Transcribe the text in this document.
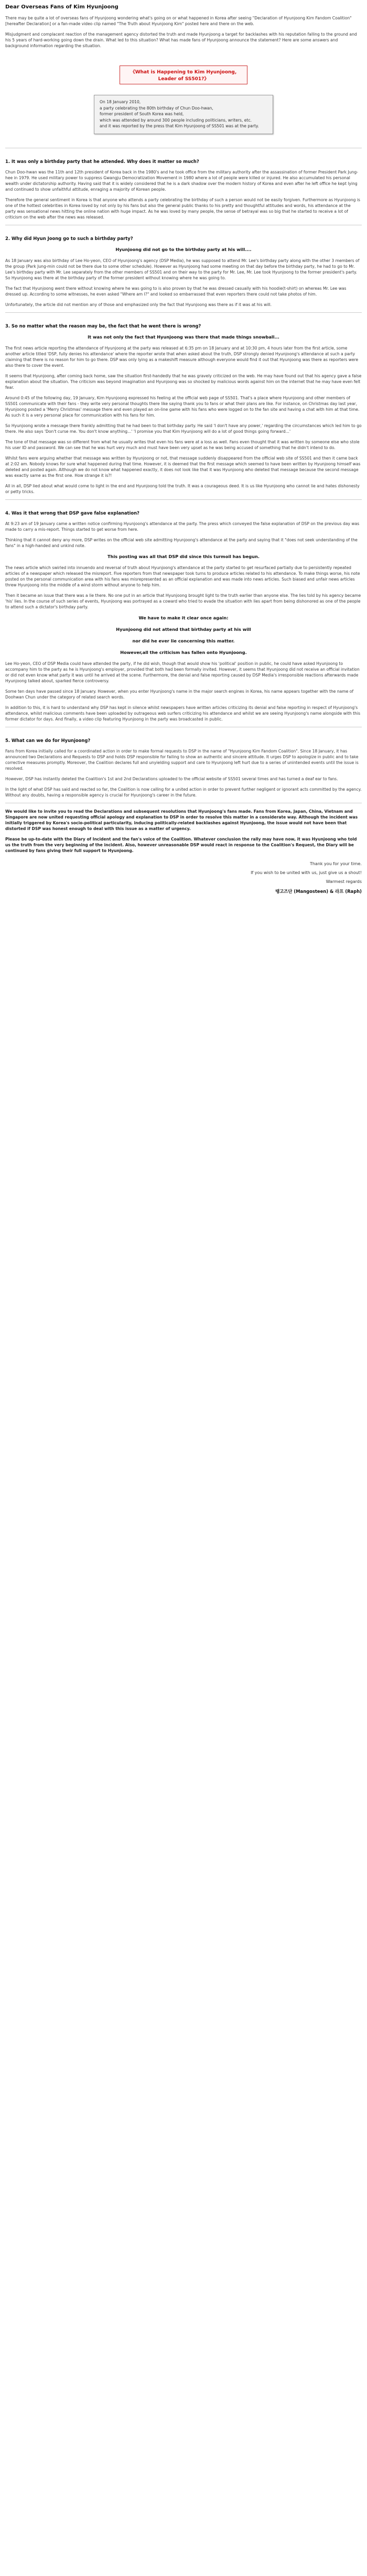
Dear Overseas Fans of Kim Hyunjoong
There may be quite a lot of overseas fans of Hyunjoong wondering what's going on or what happened in Korea after seeing "Declaration of Hyunjoong Kim Fandom Coalition" [hereafter Declaration] or a fan-made video clip named "The Truth about Hyunjoong Kim" posted here and there on the web.
Misjudgment and complacent reaction of the management agency distorted the truth and made Hyunjoong a target for backlashes with his reputation falling to the ground and his 5 years of hard-working going down the drain. What led to this situation? What has made fans of Hyunjoong announce the statement? Here are some answers and background information regarding the situation.
《What is Happening to Kim Hyunjoong, Leader of SS501?》
On 18 January 2010,
a party celebrating the 80th birthday of Chun Doo-hwan,
former president of South Korea was held,
which was attended by around 300 people including politicians, writers, etc.
and it was reported by the press that Kim Hyunjoong of SS501 was at the party.
1. It was only a birthday party that he attended. Why does it matter so much?
Chun Doo-hwan was the 11th and 12th president of Korea back in the 1980's and he took office from the military authority after the assassination of former President Park Jung-hee in 1979. He used military power to suppress Gwangju Democratization Movement in 1980 where a lot of people were killed or injured. He also accumulated his personal wealth under dictatorship authority. Having said that it is widely considered that he is a dark shadow over the modern history of Korea and even after he left office he kept lying and continued to show unfaithful attitude, enraging a majority of Korean people.
Therefore the general sentiment in Korea is that anyone who attends a party celebrating the birthday of such a person would not be easily forgiven. Furthermore as Hyunjoong is one of the hottest celebrities in Korea loved by not only by his fans but also the general public thanks to his pretty and thoughtful attitudes and words, his attendance at the party was sensational news hitting the online nation with huge impact. As he was loved by many people, the sense of betrayal was so big that he started to receive a lot of criticism on the web after the news was released.
2. Why did Hyun Joong go to such a birthday party?
Hyunjoong did not go to the birthday party at his will....
As 18 January was also birthday of Lee Ho-yeon, CEO of Hyunjoong's agency (DSP Media), he was supposed to attend Mr. Lee's birthday party along with the other 3 members of the group (Park Jung-min could not be there due to some other schedule). However as Hyunjoong had some meeting on that day before the birthday party, he had to go to Mr. Lee's birthday party with Mr. Lee separately from the other members of SS501 and on their way to the party for Mr. Lee, Mr. Lee took Hyunjoong to the former president's party. So Hyunjoong was there at the birthday party of the former president without knowing where he was going to.
The fact that Hyunjoong went there without knowing where he was going to is also proven by that he was dressed casually with his hoodie(t-shirt) on whereas Mr. Lee was dressed up. According to some witnesses, he even asked "Where am I?" and looked so embarrassed that even reporters there could not take photos of him.
Unfortunately, the article did not mention any of those and emphasized only the fact that Hyunjoong was there as if it was at his will.
3. So no matter what the reason may be, the fact that he went there is wrong?
It was not only the fact that Hyunjoong was there that made things snowball...
The first news article reporting the attendance of Hyunjoong at the party was released at 6:35 pm on 18 January and at 10:30 pm, 4 hours later from the first article, some another article titled 'DSP, fully denies his attendance' where the reporter wrote that when asked about the truth, DSP strongly denied Hyunjoong's attendance at such a party claiming that there is no reason for him to go there. DSP was only lying as a makeshift measure although everyone would find it out that Hyunjoong was there as reporters were also there to cover the event.
It seems that Hyunjoong, after coming back home, saw the situation first-handedly that he was gravely criticized on the web. He may have found out that his agency gave a false explanation about the situation. The criticism was beyond imagination and Hyunjoong was so shocked by malicious words against him on the internet that he may have even felt fear.
Around 0:45 of the following day, 19 January, Kim Hyunjoong expressed his feeling at the official web page of SS501. That's a place where Hyunjoong and other members of SS501 communicate with their fans - they write very personal thoughts there like saying thank you to fans or what their plans are like. For instance, on Christmas day last year, Hyunjoong posted a 'Merry Christmas' message there and even played an on-line game with his fans who were logged on to the fan site and having a chat with him at that time. As such it is a very personal place for communication with his fans for him.
So Hyunjoong wrote a message there frankly admitting that he had been to that birthday party. He said 'I don't have any power,' regarding the circumstances which led him to go there. He also says 'Don't curse me. You don't know anything...' 'I promise you that Kim Hyunjoong will do a lot of good things going forward...'
The tone of that message was so different from what he usually writes that even his fans were at a loss as well. Fans even thought that it was written by someone else who stole his user ID and password. We can see that he was hurt very much and must have been very upset as he was being accused of something that he didn't intend to do.
Whilst fans were arguing whether that message was written by Hyunjoong or not, that message suddenly disappeared from the official web site of SS501 and then it came back at 2:02 am. Nobody knows for sure what happened during that time. However, it is deemed that the first message which seemed to have been written by Hyunjoong himself was deleted and posted again. Although we do not know what happened exactly, it does not look like that it was Hyunjoong who deleted that message because the second message was exactly same as the first one. How strange it is?!
All in all, DSP lied about what would come to light in the end and Hyunjoong told the truth. It was a courageous deed. It is us like Hyunjoong who cannot lie and hates dishonesty or petty tricks.
4. Was it that wrong that DSP gave false explanation?
At 9:23 am of 19 January came a written notice confirming Hyunjoong's attendance at the party. The press which conveyed the false explanation of DSP on the previous day was made to carry a mis-report. Things started to get worse from here.
Thinking that it cannot deny any more, DSP writes on the official web site admitting Hyunjoong's attendance at the party and saying that it "does not seek understanding of the fans" in a high-handed and unkind note.
This posting was all that DSP did since this turmoil has begun.
The news article which swirled into innuendo and reversal of truth about Hyunjoong's attendance at the party started to get resurfaced partially due to persistently repeated articles of a newspaper which released the misreport. Five reporters from that newspaper took turns to produce articles related to his attendance. To make things worse, his note posted on the personal communication area with his fans was misrepresented as an official explanation and was made into news articles. Such biased and unfair news articles threw Hyunjoong into the middle of a wind storm without anyone to help him.
Then it became an issue that there was a lie there. No one put in an article that Hyunjoong brought light to the truth earlier than anyone else. The lies told by his agency became 'his' lies. In the course of such series of events, Hyunjoong was portrayed as a coward who tried to evade the situation with lies apart from being dishonored as one of the people to attend such a dictator's birthday party.
We have to make it clear once again:
Hyunjoong did not attend that birthday party at his will
nor did he ever lie concerning this matter.
However,all the criticism has fallen onto Hyunjoong.
Lee Ho-yeon, CEO of DSP Media could have attended the party, if he did wish, though that would show his 'political' position in public, he could have asked Hyunjoong to accompany him to the party as he is Hyunjoong's employer, provided that both had been formally invited. However, it seems that Hyunjoong did not receive an official invitation or did not even know what party it was until he arrived at the scene. Furthermore, the denial and false reporting caused by DSP Media's irresponsible reactions afterwards made Hyunjoong talked about, sparked fierce controversy.
Some ten days have passed since 18 January. However, when you enter Hyunjoong's name in the major search engines in Korea, his name appears together with the name of Doohwan Chun under the category of related search words.
In addition to this, it is hard to understand why DSP has kept in silence whilst newspapers have written articles criticizing its denial and false reporting in respect of Hyunjoong's attendance, whilst malicious comments have been uploaded by outrageous web surfers criticizing his attendance and whilst we are seeing Hyunjoong's name alongside with this former dictator for days. And finally, a video clip featuring Hyunjoong in the party was broadcasted in public.
5. What can we do for Hyunjoong?
Fans from Korea initially called for a coordinated action in order to make formal requests to DSP in the name of "Hyunjoong Kim Fandom Coalition". Since 18 January, it has announced two Declarations and Requests to DSP and holds DSP responsible for failing to show an authentic and sincere attitude. It urges DSP to apologize in public and to take corrective measures promptly. Moreover, the Coalition declares full and unyielding support and care to Hyunjoong left hurt due to a series of unintended events until the issue is resolved.
However, DSP has instantly deleted the Coalition's 1st and 2nd Declarations uploaded to the official website of SS501 several times and has turned a deaf ear to fans.
In the light of what DSP has said and reacted so far, the Coalition is now calling for a united action in order to prevent further negligent or ignorant acts committed by the agency. Without any doubts, having a responsible agency is crucial for Hyunjoong's career in the future.
We would like to invite you to read the Declarations and subsequent resolutions that Hyunjoong's fans made. Fans from Korea, Japan, China, Vietnam and Singapore are now united requesting official apology and explanation to DSP in order to resolve this matter in a considerate way. Although the incident was initially triggered by Korea's socio-political particularity, inducing politically-related backlashes against Hyunjoong, the issue would not have been that distorted if DSP was honest enough to deal with this issue as a matter of urgency.
Please be up-to-date with the Diary of Incident and the fan's voice of the Coalition. Whatever conclusion the rally may have now, it was Hyunjoong who told us the truth from the very beginning of the incident. Also, however unreasonable DSP would react in response to the Coalition's Request, the Diary will be continued by fans giving their full support to Hyunjoong.
Thank you for your time.
If you wish to be united with us, just give us a shout!
Warmest regards
땡고즈단 (Mangosteen) & 라프 (Raph)
